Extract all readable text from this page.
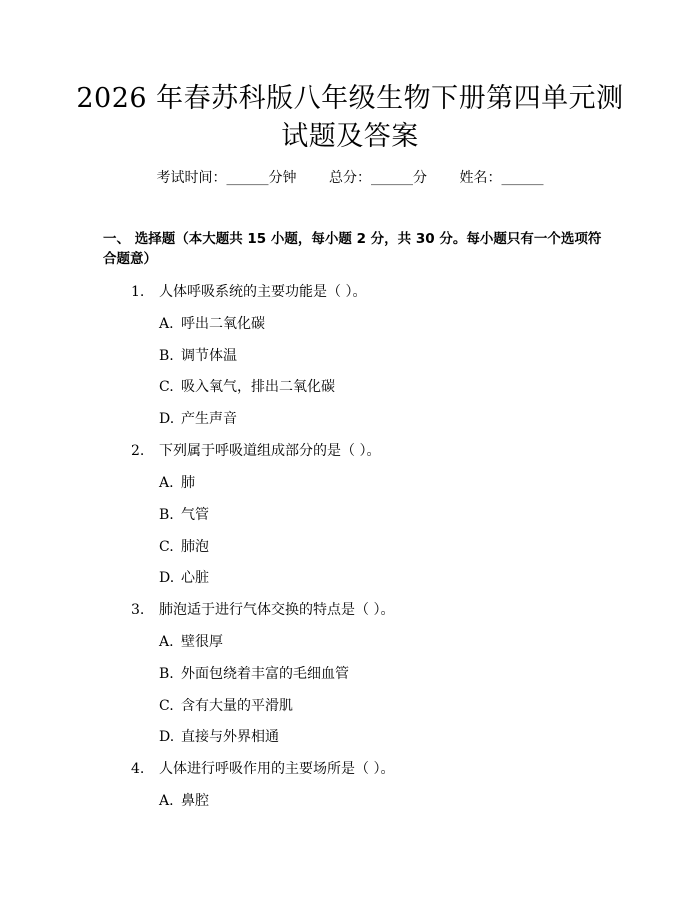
2026 年春苏科版八年级生物下册第四单元测
试题及答案
考试时间：______分钟 总分：______分 姓名：______
一、 选择题（本大题共 15 小题，每小题 2 分，共 30 分。每小题只有一个选项符
合题意）
1. 人体呼吸系统的主要功能是（ ）。
A. 呼出二氧化碳
B. 调节体温
C. 吸入氧气，排出二氧化碳
D. 产生声音
2. 下列属于呼吸道组成部分的是（ ）。
A. 肺
B. 气管
C. 肺泡
D. 心脏
3. 肺泡适于进行气体交换的特点是（ ）。
A. 壁很厚
B. 外面包绕着丰富的毛细血管
C. 含有大量的平滑肌
D. 直接与外界相通
4. 人体进行呼吸作用的主要场所是（ ）。
A. 鼻腔
